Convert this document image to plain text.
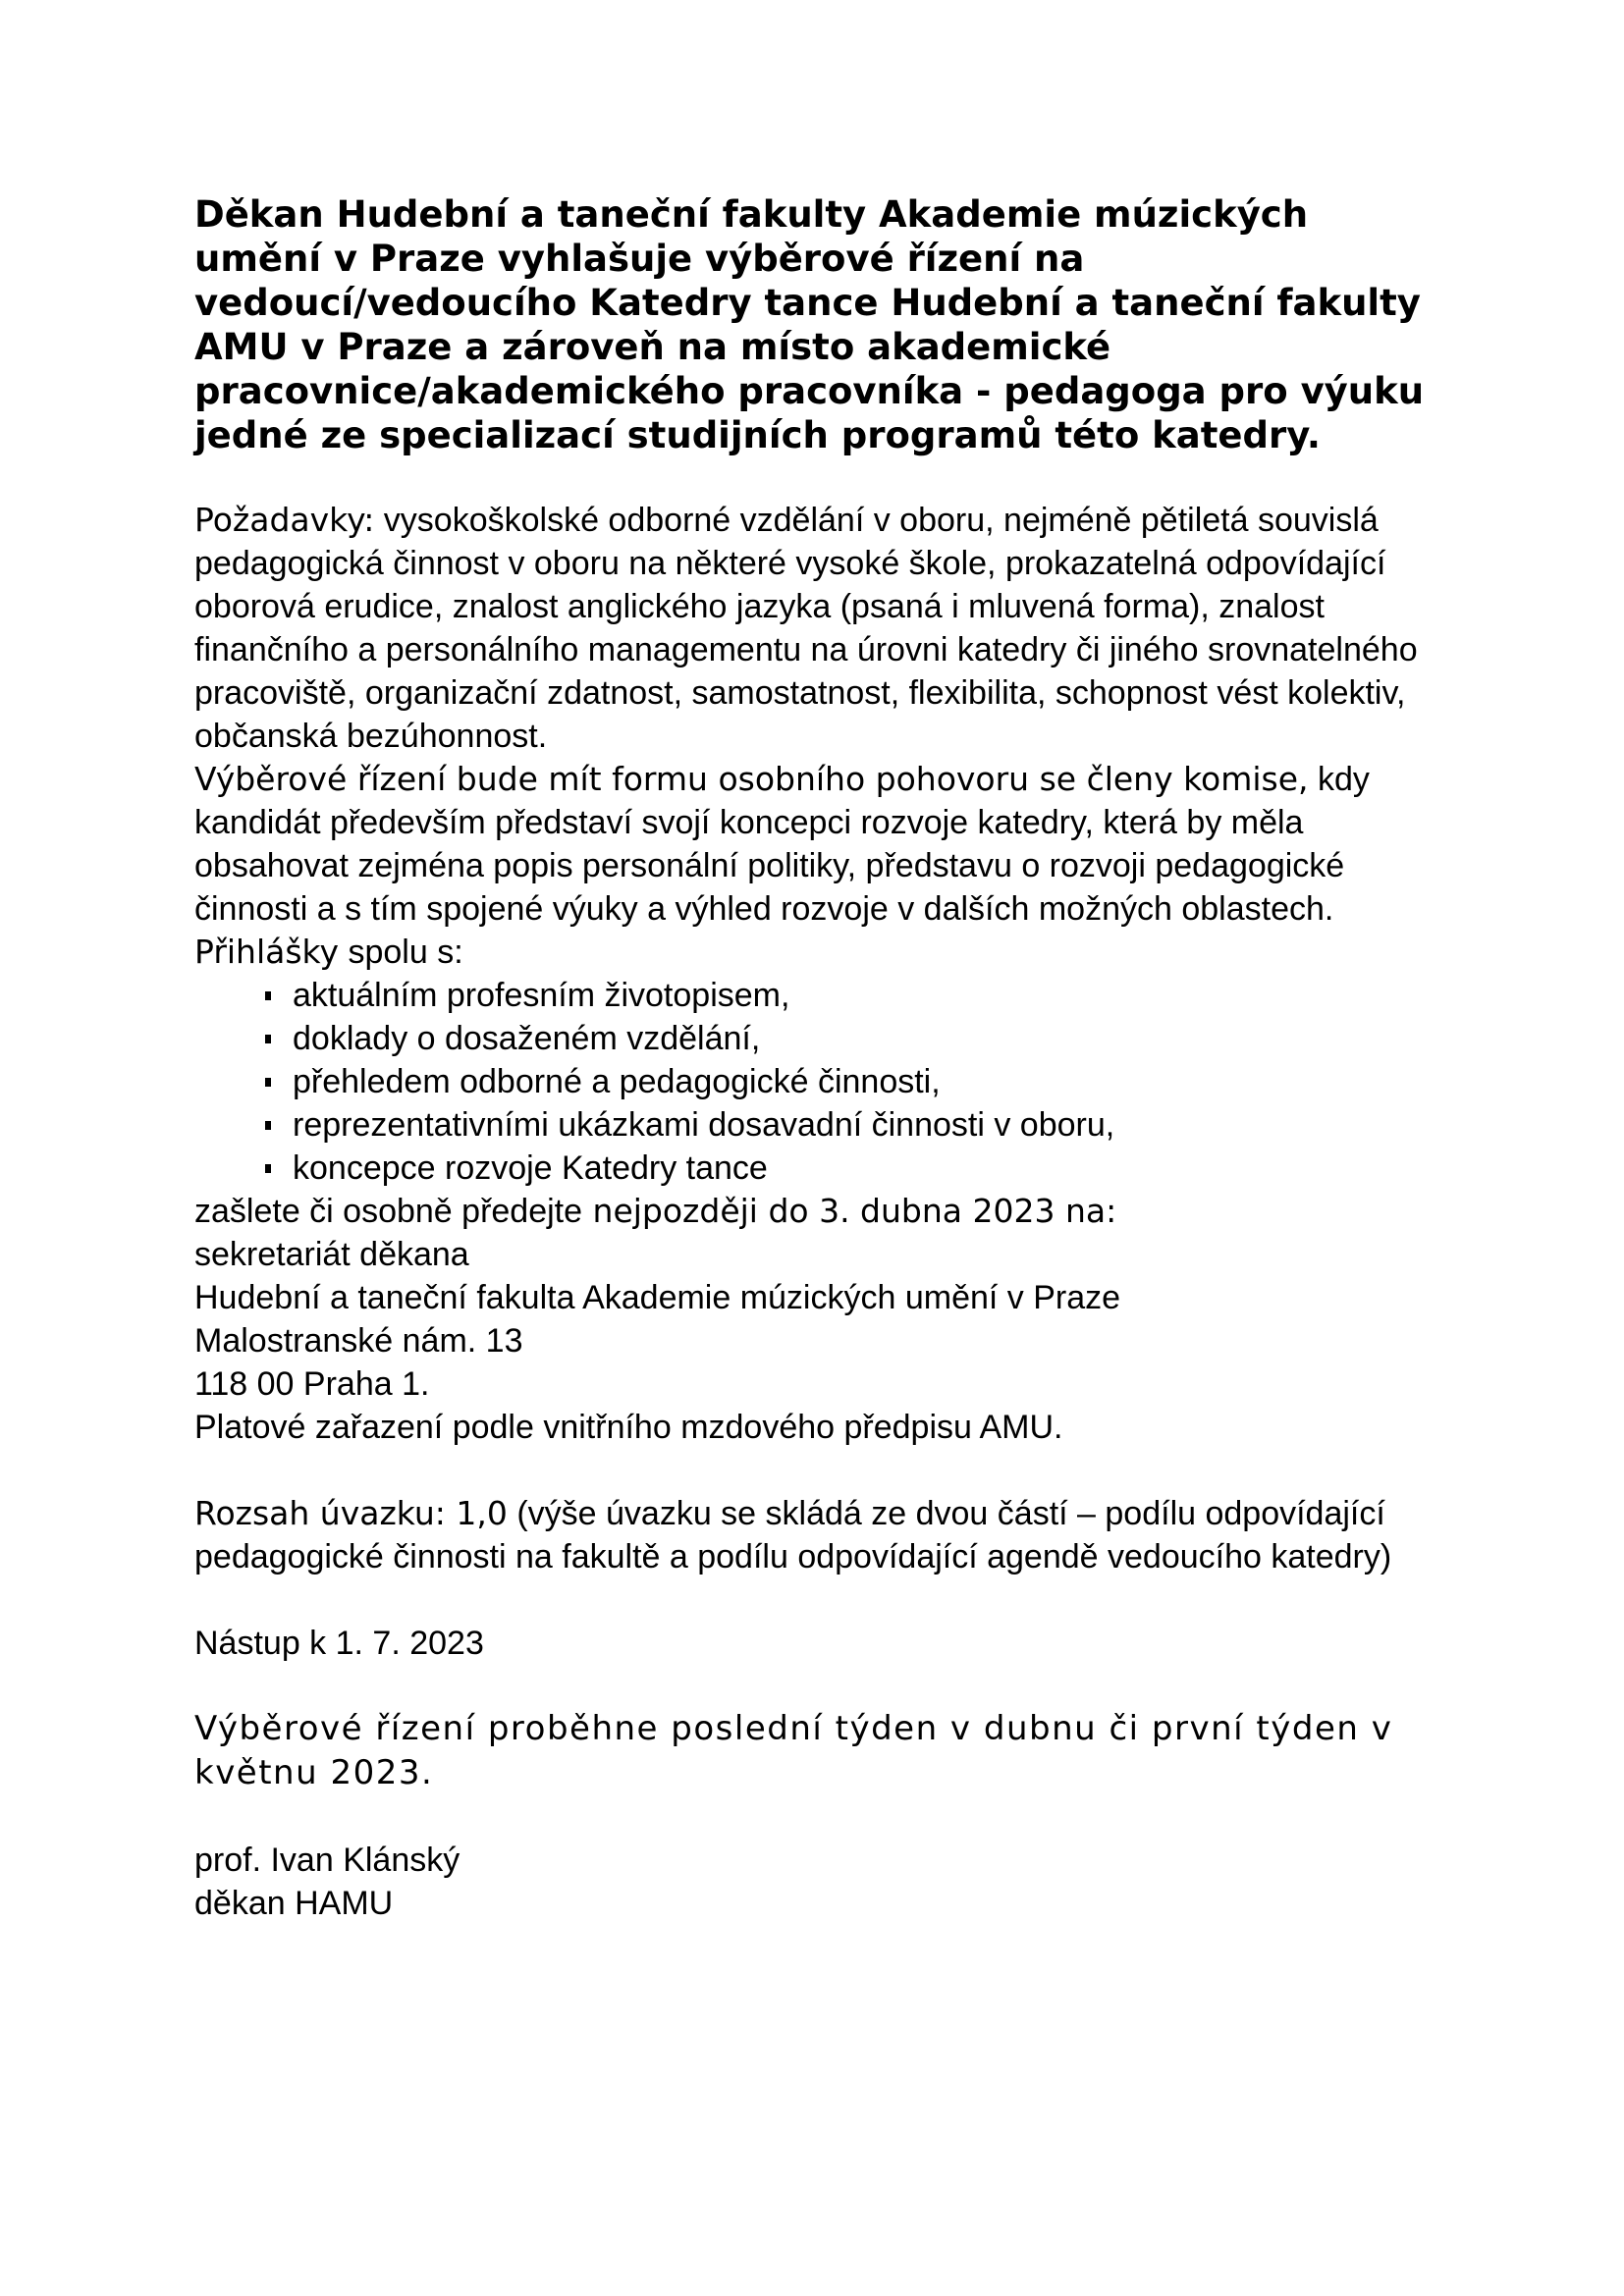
Děkan Hudební a taneční fakulty Akademie múzických umění v Praze vyhlašuje výběrové řízení na vedoucí/vedoucího Katedry tance Hudební a taneční fakulty AMU v Praze a zároveň na místo akademické pracovnice/akademického pracovníka - pedagoga pro výuku jedné ze specializací studijních programů této katedry.

Požadavky: vysokoškolské odborné vzdělání v oboru, nejméně pětiletá souvislá pedagogická činnost v oboru na některé vysoké škole, prokazatelná odpovídající oborová erudice, znalost anglického jazyka (psaná i mluvená forma), znalost finančního a personálního managementu na úrovni katedry či jiného srovnatelného pracoviště, organizační zdatnost, samostatnost, flexibilita, schopnost vést kolektiv, občanská bezúhonnost.

Výběrové řízení bude mít formu osobního pohovoru se členy komise, kdy kandidát především představí svojí koncepci rozvoje katedry, která by měla obsahovat zejména popis personální politiky, představu o rozvoji pedagogické činnosti a s tím spojené výuky a výhled rozvoje v dalších možných oblastech.

Přihlášky spolu s:

aktuálním profesním životopisem,
doklady o dosaženém vzdělání,
přehledem odborné a pedagogické činnosti,
reprezentativními ukázkami dosavadní činnosti v oboru,
koncepce rozvoje Katedry tance

zašlete či osobně předejte nejpozději do 3. dubna 2023 na:

sekretariát děkana

Hudební a taneční fakulta Akademie múzických umění v Praze

Malostranské nám. 13

118 00 Praha 1.

Platové zařazení podle vnitřního mzdového předpisu AMU.

Rozsah úvazku: 1,0 (výše úvazku se skládá ze dvou částí – podílu odpovídající pedagogické činnosti na fakultě a podílu odpovídající agendě vedoucího katedry)

Nástup k 1. 7. 2023

Výběrové řízení proběhne poslední týden v dubnu či první týden v květnu 2023.

prof. Ivan Klánský

děkan HAMU
